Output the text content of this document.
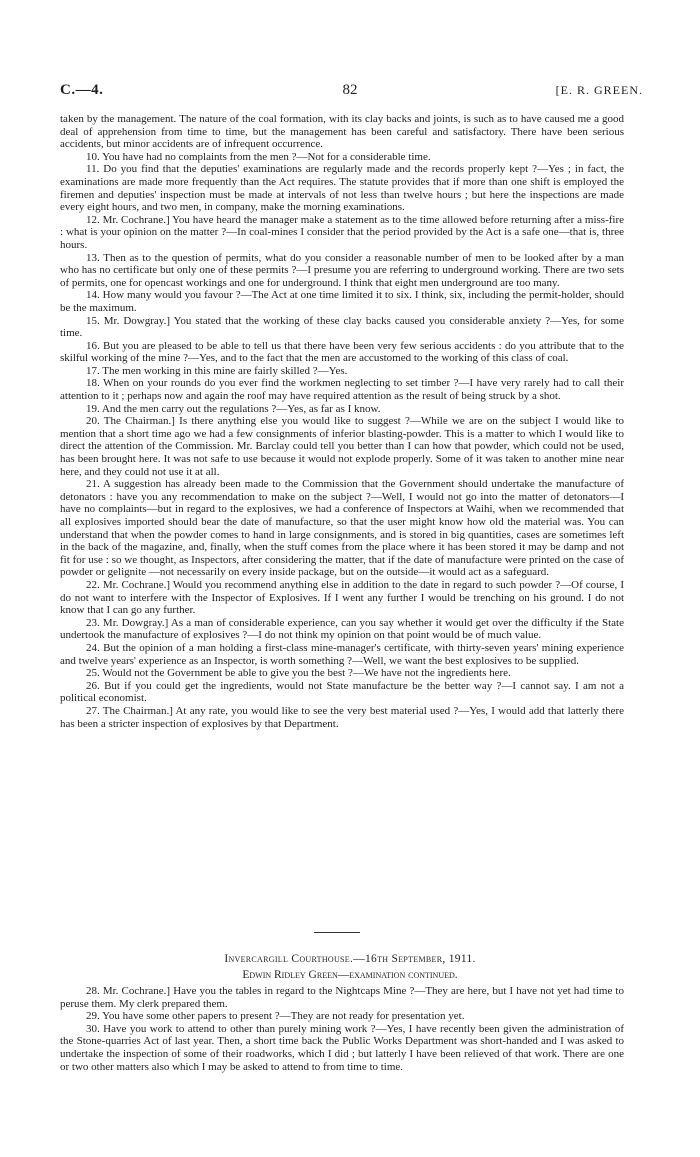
C.—4.	82	[E. R. GREEN.

taken by the management. The nature of the coal formation, with its clay backs and joints, is such as to have caused me a good deal of apprehension from time to time, but the management has been careful and satisfactory. There have been serious accidents, but minor accidents are of infrequent occurrence.

10. You have had no complaints from the men ?—Not for a considerable time.

11. Do you find that the deputies' examinations are regularly made and the records properly kept ?—Yes ; in fact, the examinations are made more frequently than the Act requires. The statute provides that if more than one shift is employed the firemen and deputies' inspection must be made at intervals of not less than twelve hours ; but here the inspections are made every eight hours, and two men, in company, make the morning examinations.

12. Mr. Cochrane.] You have heard the manager make a statement as to the time allowed before returning after a miss-fire : what is your opinion on the matter ?—In coal-mines I consider that the period provided by the Act is a safe one—that is, three hours.

13. Then as to the question of permits, what do you consider a reasonable number of men to be looked after by a man who has no certificate but only one of these permits ?—I presume you are referring to underground working. There are two sets of permits, one for opencast workings and one for underground. I think that eight men underground are too many.

14. How many would you favour ?—The Act at one time limited it to six. I think, six, including the permit-holder, should be the maximum.

15. Mr. Dowgray.] You stated that the working of these clay backs caused you considerable anxiety ?—Yes, for some time.

16. But you are pleased to be able to tell us that there have been very few serious accidents : do you attribute that to the skilful working of the mine ?—Yes, and to the fact that the men are accustomed to the working of this class of coal.

17. The men working in this mine are fairly skilled ?—Yes.

18. When on your rounds do you ever find the workmen neglecting to set timber ?—I have very rarely had to call their attention to it ; perhaps now and again the roof may have required attention as the result of being struck by a shot.

19. And the men carry out the regulations ?—Yes, as far as I know.

20. The Chairman.] Is there anything else you would like to suggest ?—While we are on the subject I would like to mention that a short time ago we had a few consignments of inferior blasting-powder. This is a matter to which I would like to direct the attention of the Commission. Mr. Barclay could tell you better than I can how that powder, which could not be used, has been brought here. It was not safe to use because it would not explode properly. Some of it was taken to another mine near here, and they could not use it at all.

21. A suggestion has already been made to the Commission that the Government should undertake the manufacture of detonators : have you any recommendation to make on the subject ?—Well, I would not go into the matter of detonators—I have no complaints—but in regard to the explosives, we had a conference of Inspectors at Waihi, when we recommended that all explosives imported should bear the date of manufacture, so that the user might know how old the material was. You can understand that when the powder comes to hand in large consignments, and is stored in big quantities, cases are sometimes left in the back of the magazine, and, finally, when the stuff comes from the place where it has been stored it may be damp and not fit for use : so we thought, as Inspectors, after considering the matter, that if the date of manufacture were printed on the case of powder or gelignite —not necessarily on every inside package, but on the outside—it would act as a safeguard.

22. Mr. Cochrane.] Would you recommend anything else in addition to the date in regard to such powder ?—Of course, I do not want to interfere with the Inspector of Explosives. If I went any further I would be trenching on his ground. I do not know that I can go any further.

23. Mr. Dowgray.] As a man of considerable experience, can you say whether it would get over the difficulty if the State undertook the manufacture of explosives ?—I do not think my opinion on that point would be of much value.

24. But the opinion of a man holding a first-class mine-manager's certificate, with thirty-seven years' mining experience and twelve years' experience as an Inspector, is worth something ?—Well, we want the best explosives to be supplied.

25. Would not the Government be able to give you the best ?—We have not the ingredients here.

26. But if you could get the ingredients, would not State manufacture be the better way ?—I cannot say. I am not a political economist.

27. The Chairman.] At any rate, you would like to see the very best material used ?—Yes, I would add that latterly there has been a stricter inspection of explosives by that Department.

Invercargill Courthouse.—16th September, 1911.
Edwin Ridley Green—examination continued.

28. Mr. Cochrane.] Have you the tables in regard to the Nightcaps Mine ?—They are here, but I have not yet had time to peruse them. My clerk prepared them.

29. You have some other papers to present ?—They are not ready for presentation yet.

30. Have you work to attend to other than purely mining work ?—Yes, I have recently been given the administration of the Stone-quarries Act of last year. Then, a short time back the Public Works Department was short-handed and I was asked to undertake the inspection of some of their roadworks, which I did ; but latterly I have been relieved of that work. There are one or two other matters also which I may be asked to attend to from time to time.
